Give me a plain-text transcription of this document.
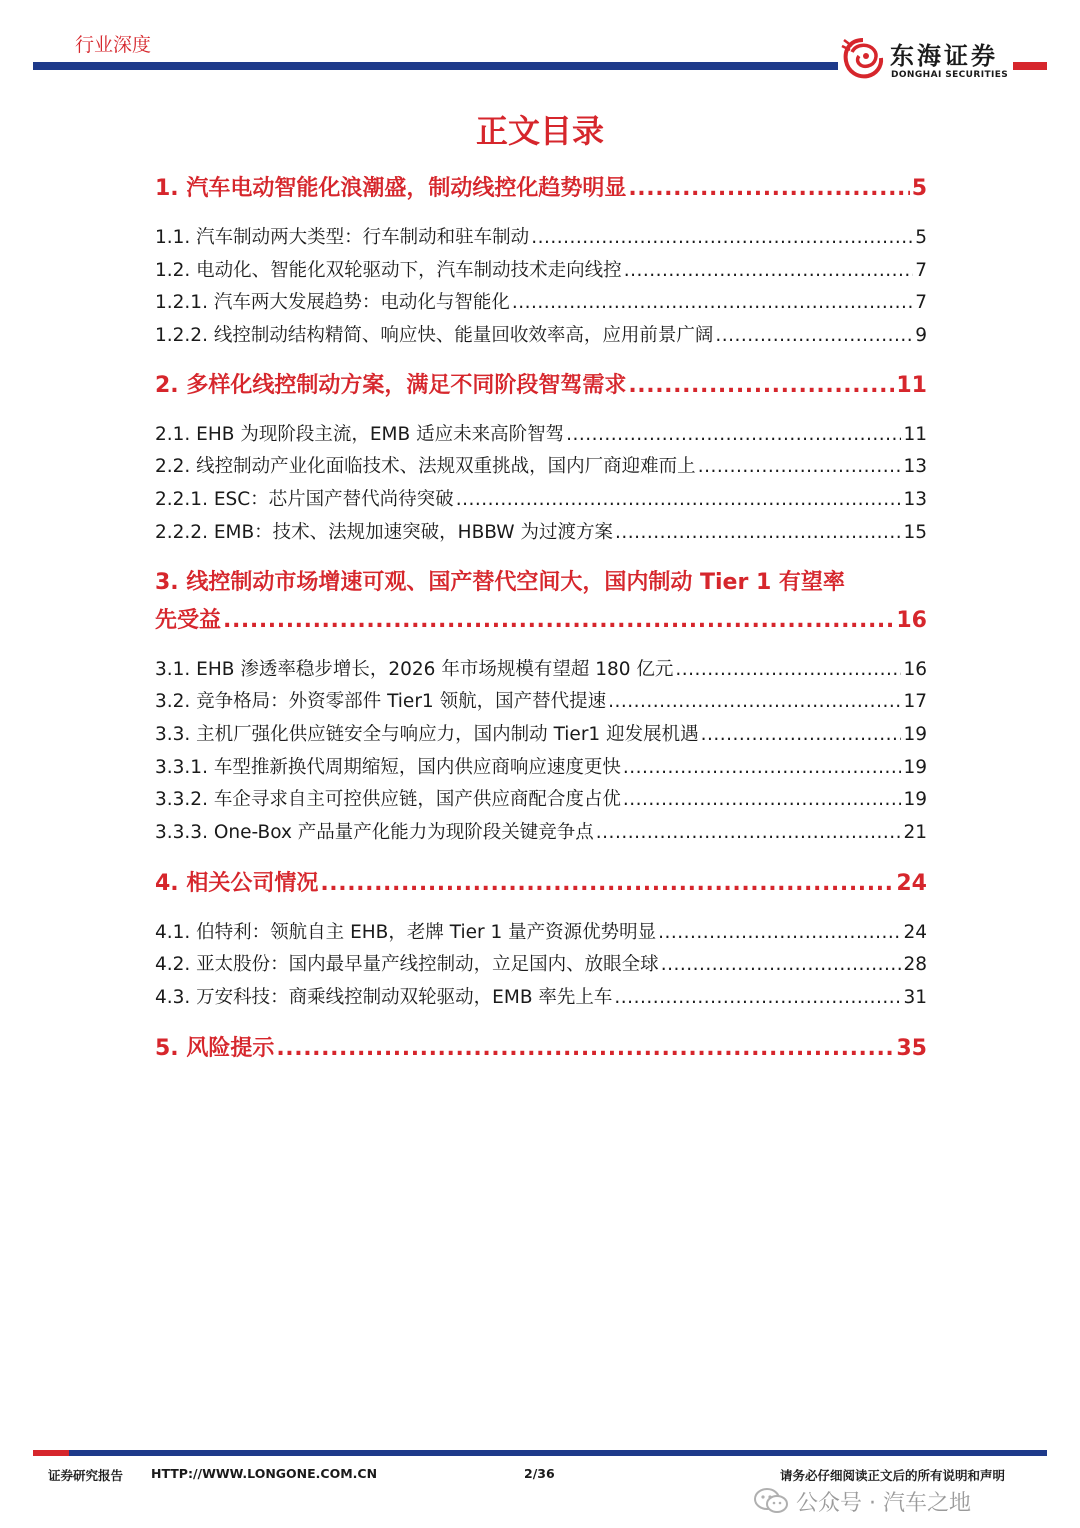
行业深度	东海证券
DONGHAI SECURITIES
正文目录
1. 汽车电动智能化浪潮盛，制动线控化趋势明显 .....	5
1.1. 汽车制动两大类型：行车制动和驻车制动 .....	5
1.2. 电动化、智能化双轮驱动下，汽车制动技术走向线控 .....	7
1.2.1. 汽车两大发展趋势：电动化与智能化 .....	7
1.2.2. 线控制动结构精简、响应快、能量回收效率高，应用前景广阔 .....	9
2. 多样化线控制动方案，满足不同阶段智驾需求 .....	11
2.1. EHB 为现阶段主流，EMB 适应未来高阶智驾 .....	11
2.2. 线控制动产业化面临技术、法规双重挑战，国内厂商迎难而上 .....	13
2.2.1. ESC：芯片国产替代尚待突破 .....	13
2.2.2. EMB：技术、法规加速突破，HBBW 为过渡方案 .....	15
3. 线控制动市场增速可观、国产替代空间大，国内制动 Tier 1 有望率
先受益 .....	16
3.1. EHB 渗透率稳步增长，2026 年市场规模有望超 180 亿元 .....	16
3.2. 竞争格局：外资零部件 Tier1 领航，国产替代提速 .....	17
3.3. 主机厂强化供应链安全与响应力，国内制动 Tier1 迎发展机遇 .....	19
3.3.1. 车型推新换代周期缩短，国内供应商响应速度更快 .....	19
3.3.2. 车企寻求自主可控供应链，国产供应商配合度占优 .....	19
3.3.3. One-Box 产品量产化能力为现阶段关键竞争点 .....	21
4. 相关公司情况 .....	24
4.1. 伯特利：领航自主 EHB，老牌 Tier 1 量产资源优势明显 .....	24
4.2. 亚太股份：国内最早量产线控制动，立足国内、放眼全球 .....	28
4.3. 万安科技：商乘线控制动双轮驱动，EMB 率先上车 .....	31
5. 风险提示 .....	35
证券研究报告 HTTP://WWW.LONGONE.COM.CN	2/36	请务必仔细阅读正文后的所有说明和声明
公众号 · 汽车之地
